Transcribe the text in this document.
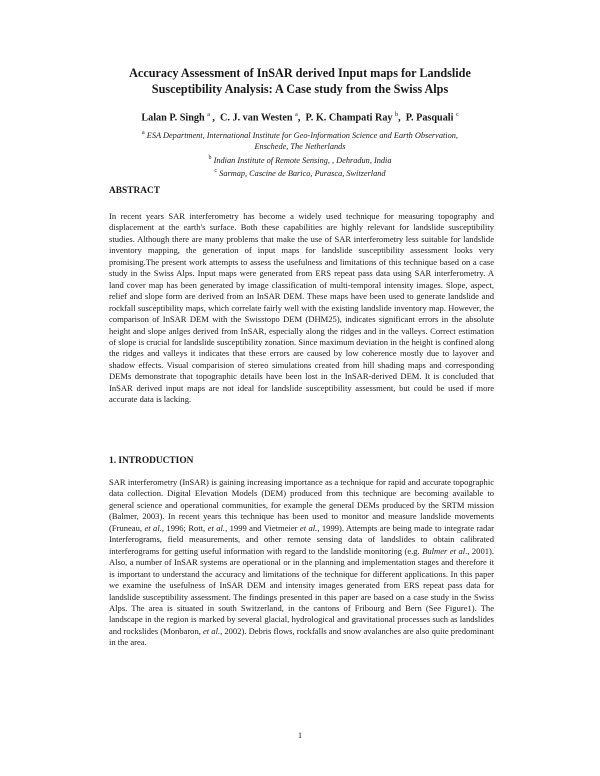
Accuracy Assessment of InSAR derived Input maps for Landslide
Susceptibility Analysis: A Case study from the Swiss Alps
Lalan P. Singh $^a$ ,  C. J. van Westen $^a$,  P. K. Champati Ray $^b$,  P. Pasquali $^c$
$^a$ ESA Department, International Institute for Geo-Information Science and Earth Observation,
Enschede, The Netherlands
$^b$ Indian Institute of Remote Sensing, , Dehradun, India
$^c$ Sarmap, Cascine de Barico, Purasca, Switzerland
ABSTRACT

In recent years SAR interferometry has become a widely used technique for measuring topography and displacement at the earth's surface. Both these capabilities are highly relevant for landslide susceptibility studies. Although there are many problems that make the use of SAR interferometry less suitable for landslide inventory mapping, the generation of input maps for landslide susceptibility assessment looks very promising.The present work attempts to assess the usefulness and limitations of this technique based on a case study in the Swiss Alps. Input maps were generated from ERS repeat pass data using SAR interferometry. A land cover map has been generated by image classification of multi-temporal intensity images. Slope, aspect, relief and slope form are derived from an InSAR DEM. These maps have been used to generate landslide and rockfall susceptibility maps, which correlate fairly well with the existing landslide inventory map. However, the comparison of InSAR DEM with the Swisstopo DEM (DHM25), indicates significant errors in the absolute height and slope anlges derived from InSAR, especially along the ridges and in the valleys. Correct estimation of slope is crucial for landslide susceptibility zonation. Since maximum deviation in the height is confined along the ridges and valleys it indicates that these errors are caused by low coherence mostly due to layover and shadow effects. Visual comparision of stereo simulations created from hill shading maps and corresponding DEMs demonstrate that topographic details have been lost in the InSAR-derived DEM. It is concluded that InSAR derived input maps are not ideal for landslide susceptibility assessment, but could be used if more accurate data is lacking.

1. INTRODUCTION

SAR interferometry (InSAR) is gaining increasing importance as a technique for rapid and accurate topographic data collection. Digital Elevation Models (DEM) produced from this technique are becoming available to general science and operational communities, for example the general DEMs produced by the SRTM mission (Balmer, 2003). In recent years this technique has been used to monitor and measure landslide movements (Fruneau, et al., 1996; Rott, et al., 1999 and Vietmeier et al., 1999). Attempts are being made to integrate radar Interferograms, field measurements, and other remote sensing data of landslides to obtain calibrated interferograms for getting useful information with regard to the landslide monitoring (e.g. Bulmer et al., 2001). Also, a number of InSAR systems are operational or in the planning and implementation stages and therefore it is important to understand the accuracy and limitations of the technique for different applications. In this paper we examine the usefulness of InSAR DEM and intensity images generated from ERS repeat pass data for landslide susceptibility assessment. The findings presented in this paper are based on a case study in the Swiss Alps. The area is situated in south Switzerland, in the cantons of Fribourg and Bern (See Figure1). The landscape in the region is marked by several glacial, hydrological and gravitational processes such as landslides and rockslides (Monbaron, et al., 2002). Debris flows, rockfalls and snow avalanches are also quite predominant in the area.

1
